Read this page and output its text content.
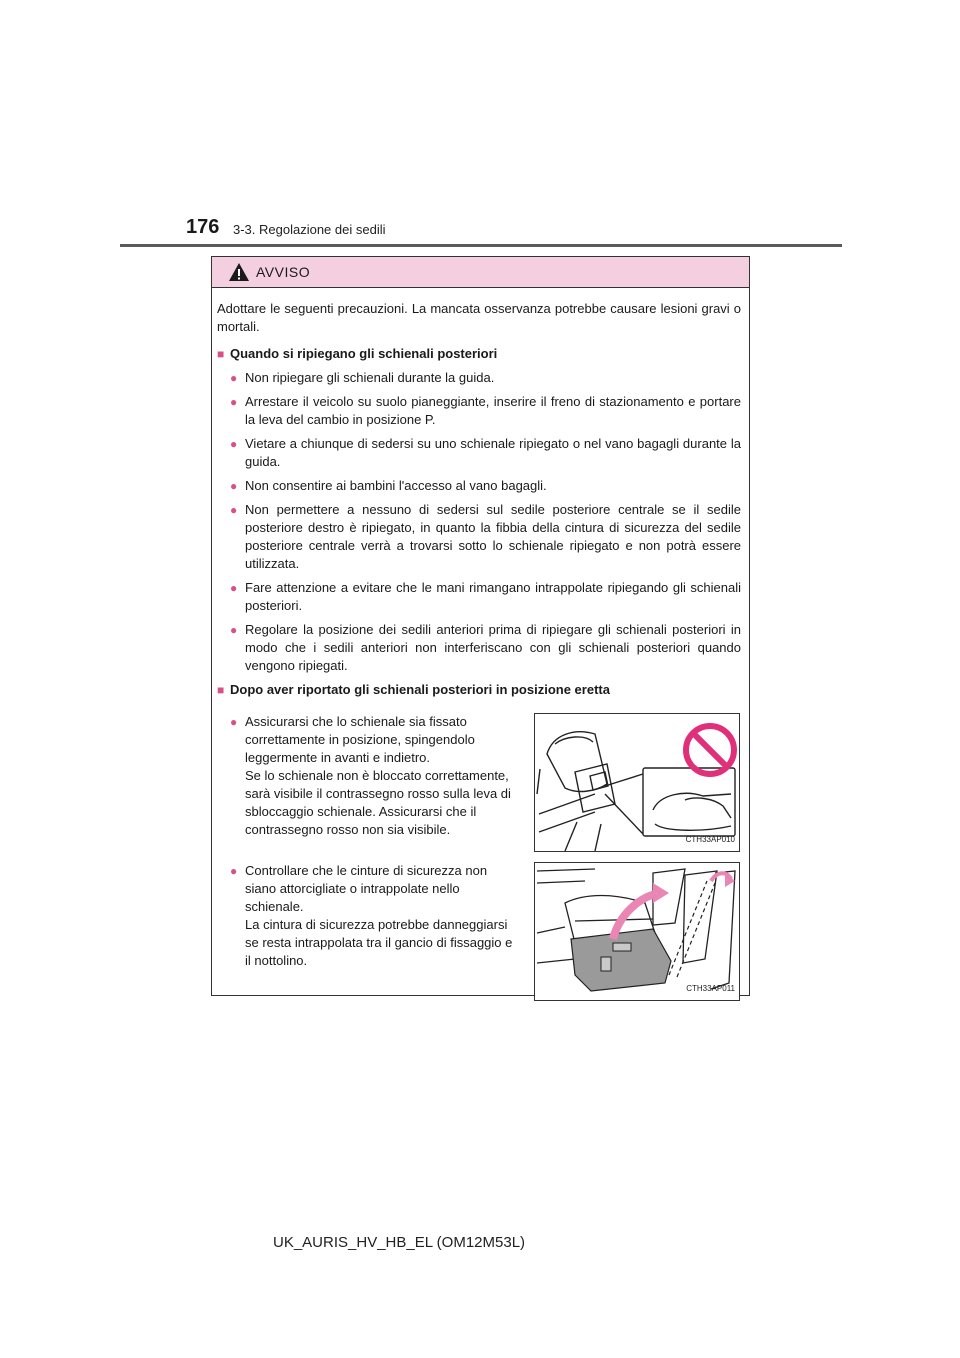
176 3-3. Regolazione dei sedili
AVVISO

Adottare le seguenti precauzioni. La mancata osservanza potrebbe causare lesioni gravi o mortali.

■ Quando si ripiegano gli schienali posteriori
● Non ripiegare gli schienali durante la guida.
● Arrestare il veicolo su suolo pianeggiante, inserire il freno di stazionamento e portare la leva del cambio in posizione P.
● Vietare a chiunque di sedersi su uno schienale ripiegato o nel vano bagagli durante la guida.
● Non consentire ai bambini l'accesso al vano bagagli.
● Non permettere a nessuno di sedersi sul sedile posteriore centrale se il sedile posteriore destro è ripiegato, in quanto la fibbia della cintura di sicurezza del sedile posteriore centrale verrà a trovarsi sotto lo schienale ripiegato e non potrà essere utilizzata.
● Fare attenzione a evitare che le mani rimangano intrappolate ripiegando gli schienali posteriori.
● Regolare la posizione dei sedili anteriori prima di ripiegare gli schienali posteriori in modo che i sedili anteriori non interferiscano con gli schienali posteriori quando vengono ripiegati.
■ Dopo aver riportato gli schienali posteriori in posizione eretta
● Assicurarsi che lo schienale sia fissato correttamente in posizione, spingendolo leggermente in avanti e indietro.
Se lo schienale non è bloccato correttamente, sarà visibile il contrassegno rosso sulla leva di sbloccaggio schienale. Assicurarsi che il contrassegno rosso non sia visibile.
CTH33AP010
● Controllare che le cinture di sicurezza non siano attorcigliate o intrappolate nello schienale.
La cintura di sicurezza potrebbe danneggiarsi se resta intrappolata tra il gancio di fissaggio e il nottolino.
CTH33AP011
UK_AURIS_HV_HB_EL (OM12M53L)
